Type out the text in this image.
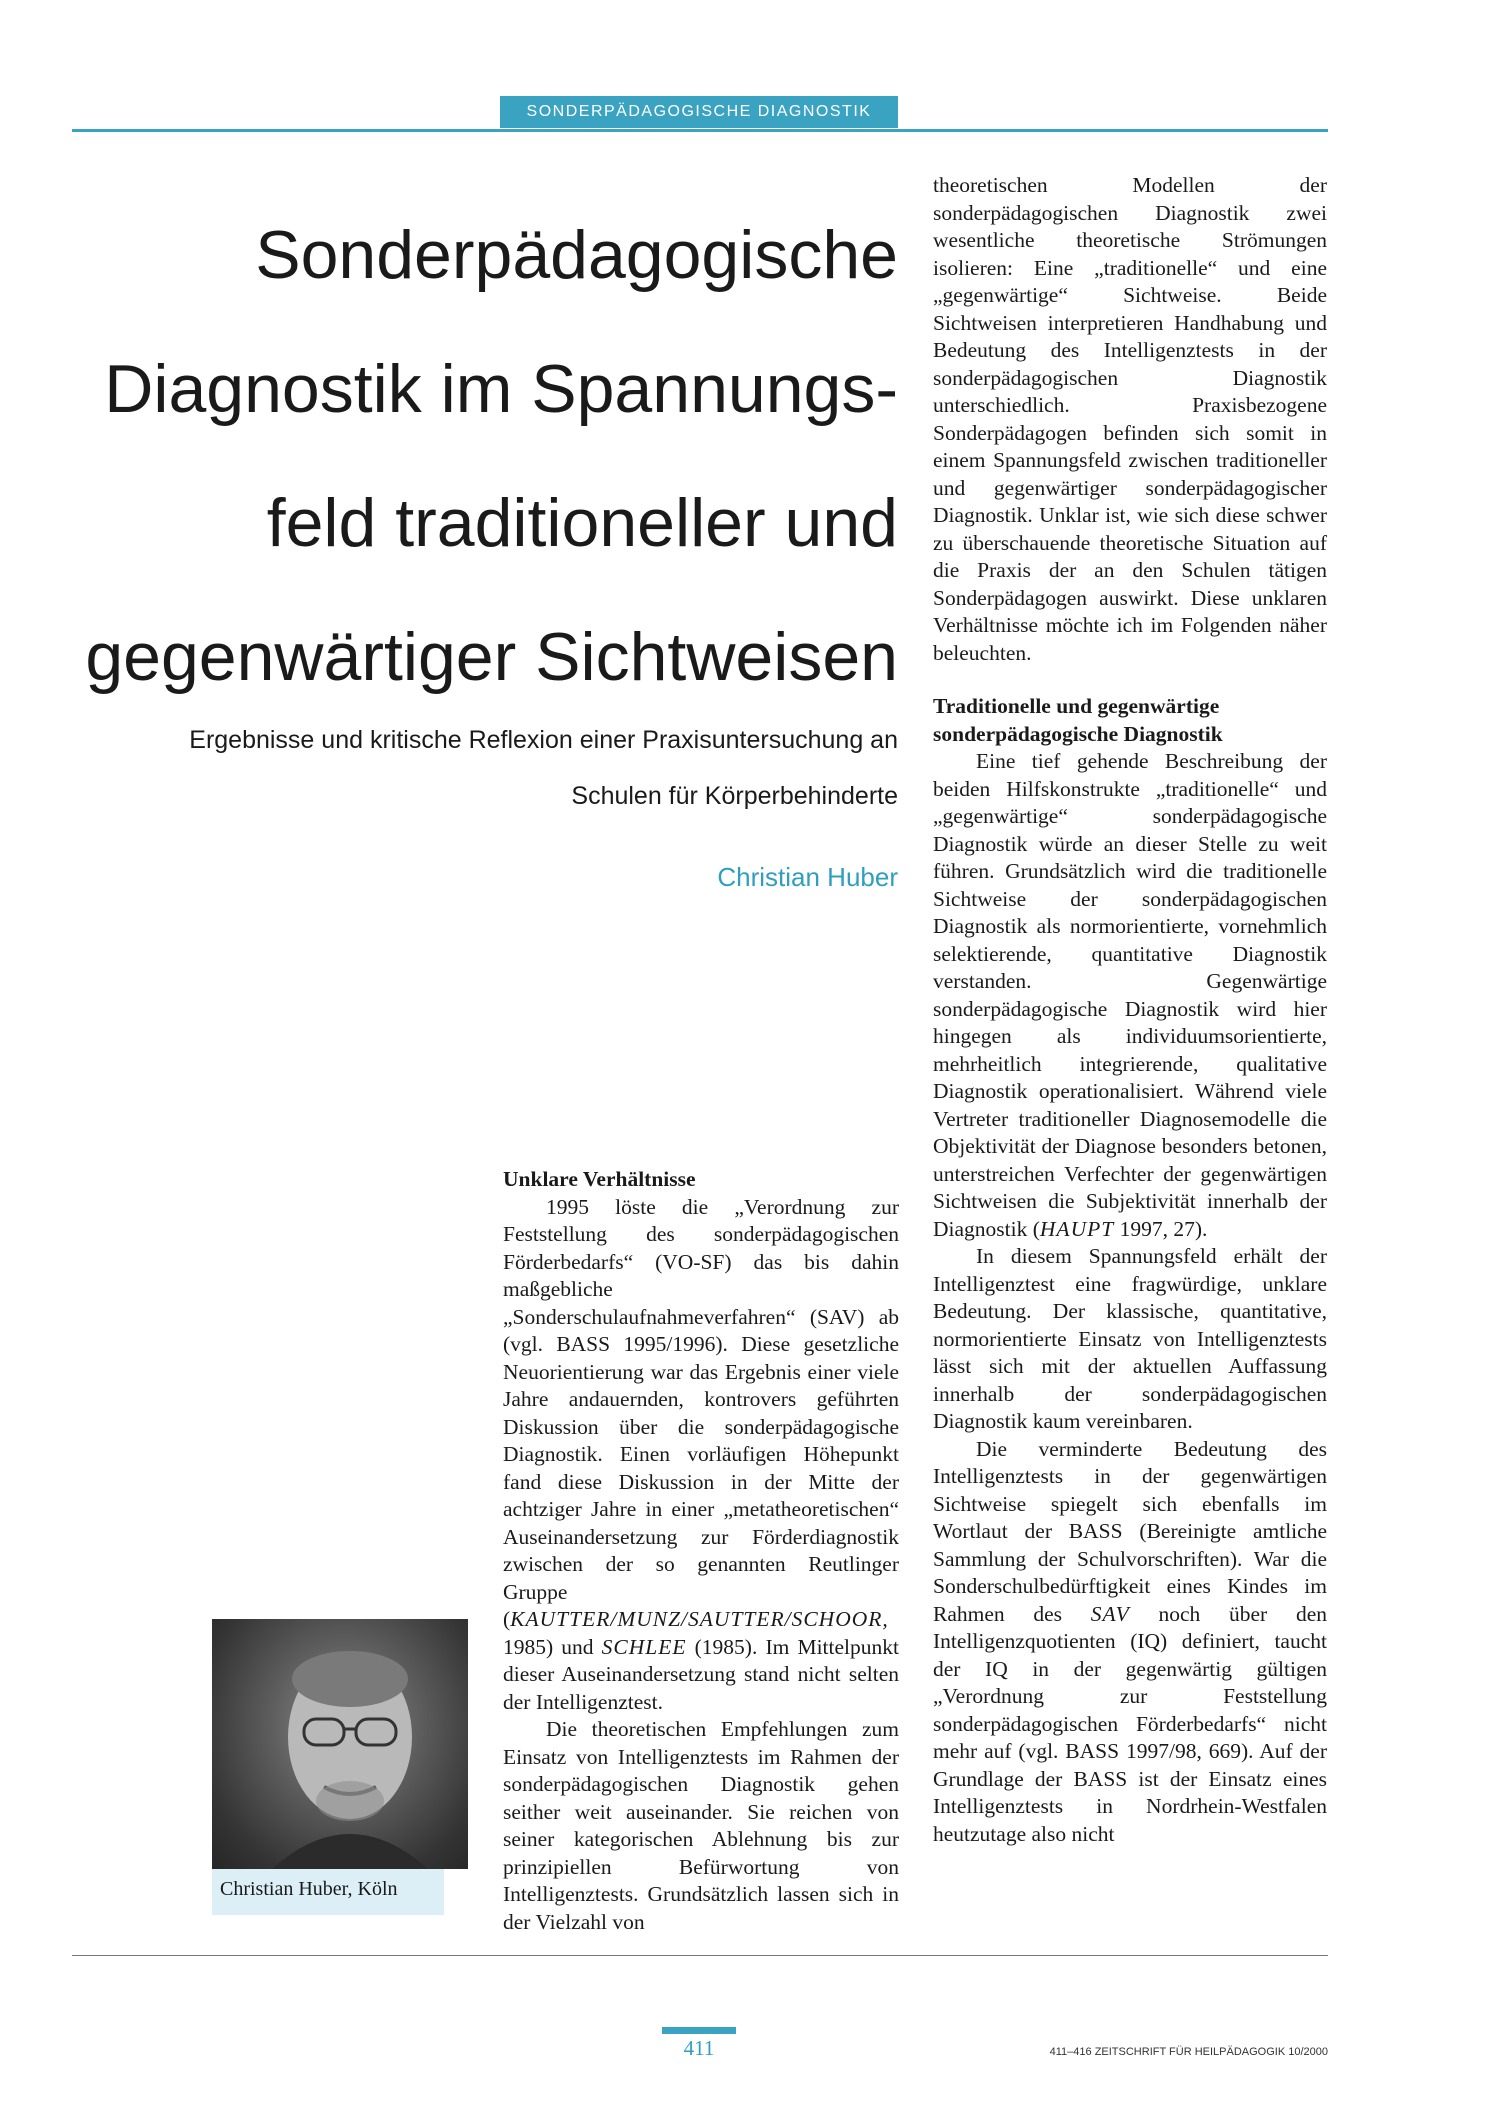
SONDERPÄDAGOGISCHE DIAGNOSTIK
Sonderpädagogische
Diagnostik im Spannungs-
feld traditioneller und
gegenwärtiger Sichtweisen

Ergebnisse und kritische Reflexion einer Praxisuntersuchung an
Schulen für Körperbehinderte

Christian Huber
Unklare Verhältnisse

1995 löste die „Verordnung zur Feststellung des sonderpädagogischen Förderbedarfs“ (VO-SF) das bis dahin maßgebliche „Sonderschulaufnahmeverfahren“ (SAV) ab (vgl. BASS 1995/1996). Diese gesetzliche Neuorientierung war das Ergebnis einer viele Jahre andauernden, kontrovers geführten Diskussion über die sonderpädagogische Diagnostik. Einen vorläufigen Höhepunkt fand diese Diskussion in der Mitte der achtziger Jahre in einer „metatheoretischen“ Auseinandersetzung zur Förderdiagnostik zwischen der so genannten Reutlinger Gruppe (KAUTTER/MUNZ/SAUTTER/SCHOOR, 1985) und SCHLEE (1985). Im Mittelpunkt dieser Auseinandersetzung stand nicht selten der Intelligenztest.

Die theoretischen Empfehlungen zum Einsatz von Intelligenztests im Rahmen der sonderpädagogischen Diagnostik gehen seither weit auseinander. Sie reichen von seiner kategorischen Ablehnung bis zur prinzipiellen Befürwortung von Intelligenztests. Grundsätzlich lassen sich in der Vielzahl von

theoretischen Modellen der sonderpädagogischen Diagnostik zwei wesentliche theoretische Strömungen isolieren: Eine „traditionelle“ und eine „gegenwärtige“ Sichtweise. Beide Sichtweisen interpretieren Handhabung und Bedeutung des Intelligenztests in der sonderpädagogischen Diagnostik unterschiedlich. Praxisbezogene Sonderpädagogen befinden sich somit in einem Spannungsfeld zwischen traditioneller und gegenwärtiger sonderpädagogischer Diagnostik. Unklar ist, wie sich diese schwer zu überschauende theoretische Situation auf die Praxis der an den Schulen tätigen Sonderpädagogen auswirkt. Diese unklaren Verhältnisse möchte ich im Folgenden näher beleuchten.

Traditionelle und gegenwärtige
sonderpädagogische Diagnostik

Eine tief gehende Beschreibung der beiden Hilfskonstrukte „traditionelle“ und „gegenwärtige“ sonderpädagogische Diagnostik würde an dieser Stelle zu weit führen. Grundsätzlich wird die traditionelle Sichtweise der sonderpädagogischen Diagnostik als normorientierte, vornehmlich selektierende, quantitative Diagnostik verstanden. Gegenwärtige sonderpädagogische Diagnostik wird hier hingegen als individuumsorientierte, mehrheitlich integrierende, qualitative Diagnostik operationalisiert. Während viele Vertreter traditioneller Diagnosemodelle die Objektivität der Diagnose besonders betonen, unterstreichen Verfechter der gegenwärtigen Sichtweisen die Subjektivität innerhalb der Diagnostik (HAUPT 1997, 27).

In diesem Spannungsfeld erhält der Intelligenztest eine fragwürdige, unklare Bedeutung. Der klassische, quantitative, normorientierte Einsatz von Intelligenztests lässt sich mit der aktuellen Auffassung innerhalb der sonderpädagogischen Diagnostik kaum vereinbaren.

Die verminderte Bedeutung des Intelligenztests in der gegenwärtigen Sichtweise spiegelt sich ebenfalls im Wortlaut der BASS (Bereinigte amtliche Sammlung der Schulvorschriften). War die Sonderschulbedürftigkeit eines Kindes im Rahmen des SAV noch über den Intelligenzquotienten (IQ) definiert, taucht der IQ in der gegenwärtig gültigen „Verordnung zur Feststellung sonderpädagogischen Förderbedarfs“ nicht mehr auf (vgl. BASS 1997/98, 669). Auf der Grundlage der BASS ist der Einsatz eines Intelligenztests in Nordrhein-Westfalen heutzutage also nicht

Christian Huber, Köln
411	411–416 ZEITSCHRIFT FÜR HEILPÄDAGOGIK 10/2000
